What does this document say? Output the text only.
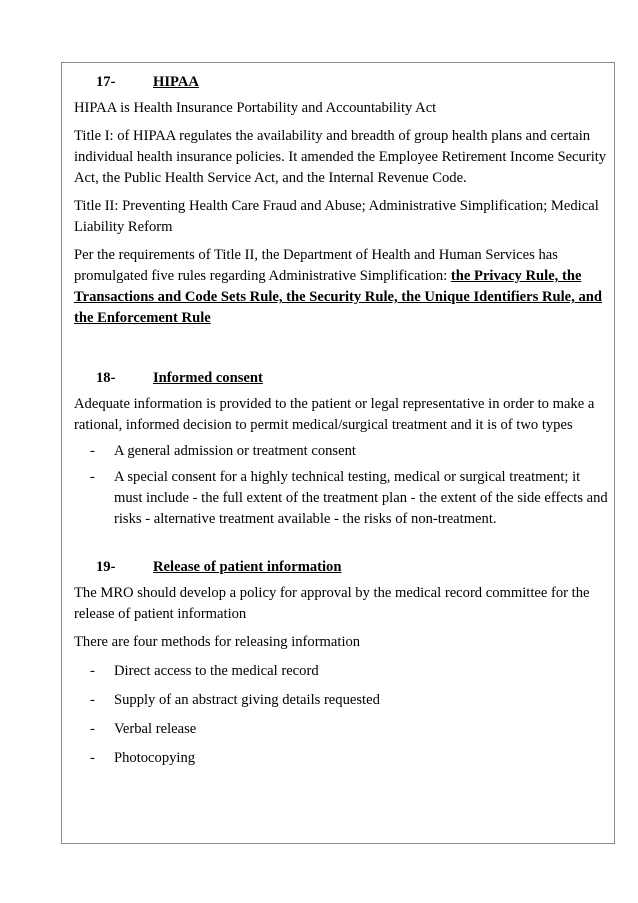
17-	HIPAA

HIPAA is Health Insurance Portability and Accountability Act

Title I: of HIPAA regulates the availability and breadth of group health plans and certain individual health insurance policies. It amended the Employee Retirement Income Security Act, the Public Health Service Act, and the Internal Revenue Code.

Title II: Preventing Health Care Fraud and Abuse; Administrative Simplification; Medical Liability Reform

Per the requirements of Title II, the Department of Health and Human Services has promulgated five rules regarding Administrative Simplification: the Privacy Rule, the Transactions and Code Sets Rule, the Security Rule, the Unique Identifiers Rule, and the Enforcement Rule

18-	Informed consent

Adequate information is provided to the patient or legal representative in order to make a rational, informed decision to permit medical/surgical treatment and it is of two types

- A general admission or treatment consent
- A special consent for a highly technical testing, medical or surgical treatment; it must include - the full extent of the treatment plan - the extent of the side effects and risks - alternative treatment available - the risks of non-treatment.
19-	Release of patient information

The MRO should develop a policy for approval by the medical record committee for the release of patient information

There are four methods for releasing information

- Direct access to the medical record
- Supply of an abstract giving details requested
- Verbal release
- Photocopying
